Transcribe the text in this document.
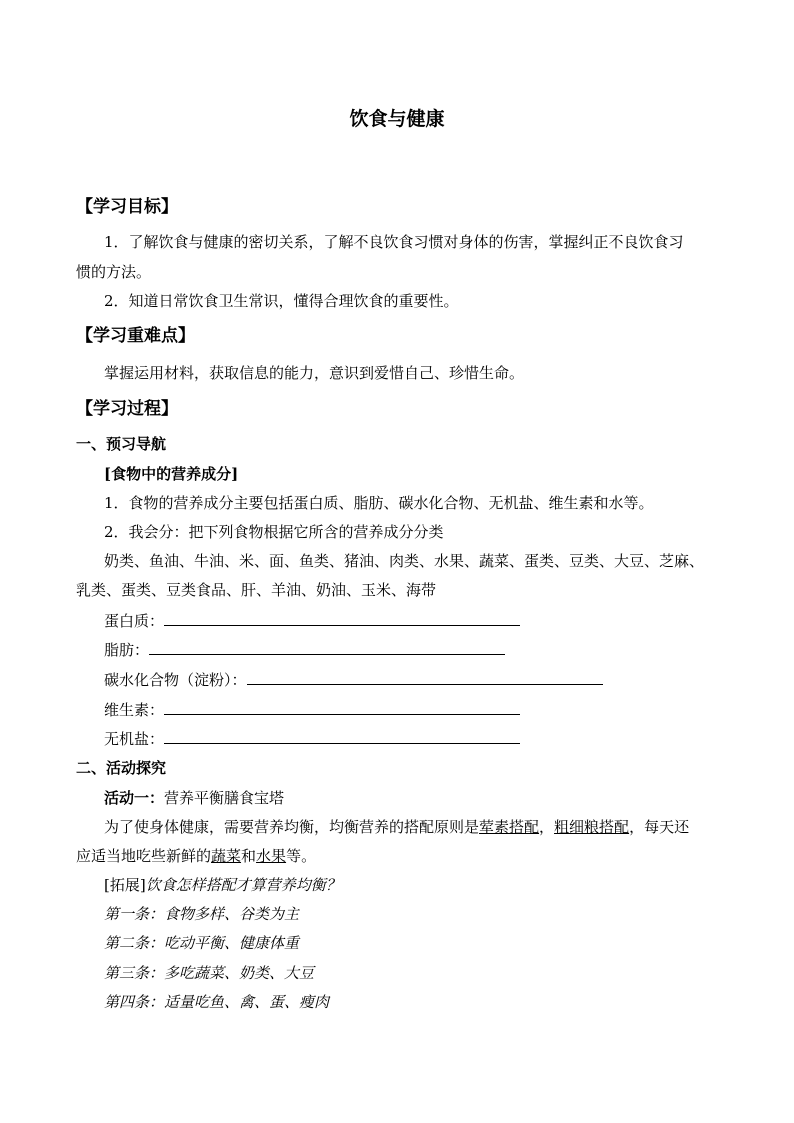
饮食与健康
【学习目标】
1．了解饮食与健康的密切关系，了解不良饮食习惯对身体的伤害，掌握纠正不良饮食习
惯的方法。
2．知道日常饮食卫生常识，懂得合理饮食的重要性。
【学习重难点】
掌握运用材料，获取信息的能力，意识到爱惜自己、珍惜生命。
【学习过程】
一、预习导航
[食物中的营养成分]
1．食物的营养成分主要包括蛋白质、脂肪、碳水化合物、无机盐、维生素和水等。
2．我会分：把下列食物根据它所含的营养成分分类
奶类、鱼油、牛油、米、面、鱼类、猪油、肉类、水果、蔬菜、蛋类、豆类、大豆、芝麻、
乳类、蛋类、豆类食品、肝、羊油、奶油、玉米、海带
蛋白质：
脂肪：
碳水化合物（淀粉）：
维生素：
无机盐：
二、活动探究
活动一：营养平衡膳食宝塔
为了使身体健康，需要营养均衡，均衡营养的搭配原则是荤素搭配，粗细粮搭配，每天还
应适当地吃些新鲜的蔬菜和水果等。
[拓展]饮食怎样搭配才算营养均衡？
第一条：食物多样、谷类为主
第二条：吃动平衡、健康体重
第三条：多吃蔬菜、奶类、大豆
第四条：适量吃鱼、禽、蛋、瘦肉
